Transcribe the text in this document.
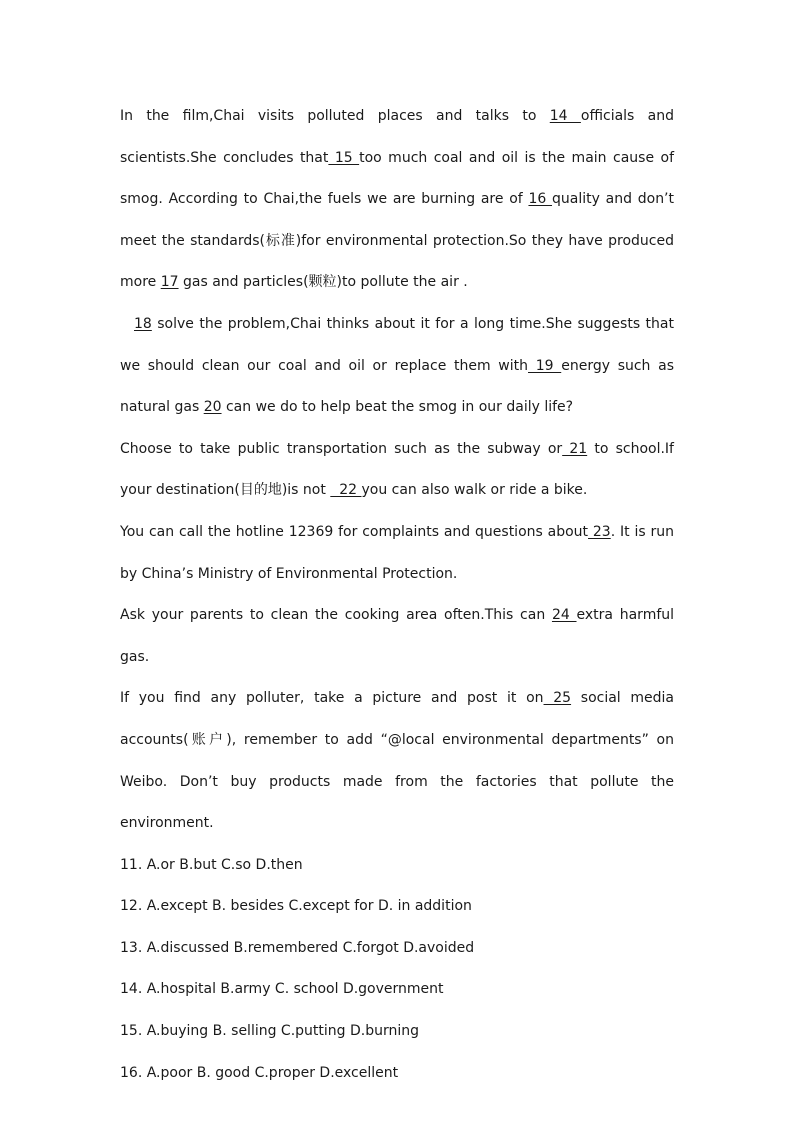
In the film,Chai visits polluted places and talks to 14 officials and scientists.She concludes that 15 too much coal and oil is the main cause of smog. According to Chai,the fuels we are burning are of 16 quality and don’t meet the standards(标准)for environmental protection.So they have produced more 17 gas and particles(颗粒)to pollute the air .

18 solve the problem,Chai thinks about it for a long time.She suggests that we should clean our coal and oil or replace them with 19 energy such as natural gas 20 can we do to help beat the smog in our daily life?

Choose to take public transportation such as the subway or 21 to school.If your destination(目的地)is not   22 you can also walk or ride a bike.

You can call the hotline 12369 for complaints and questions about 23. It is run by China’s Ministry of Environmental Protection.

Ask your parents to clean the cooking area often.This can 24 extra harmful gas.

If you find any polluter, take a picture and post it on 25 social media accounts(账户), remember to add “@local environmental departments” on Weibo. Don’t buy products made from the factories that pollute the environment.

11. A.or B.but C.so D.then

12. A.except B. besides C.except for D. in addition

13. A.discussed B.remembered C.forgot D.avoided

14. A.hospital B.army C. school D.government

15. A.buying B. selling C.putting D.burning

16. A.poor B. good C.proper D.excellent
